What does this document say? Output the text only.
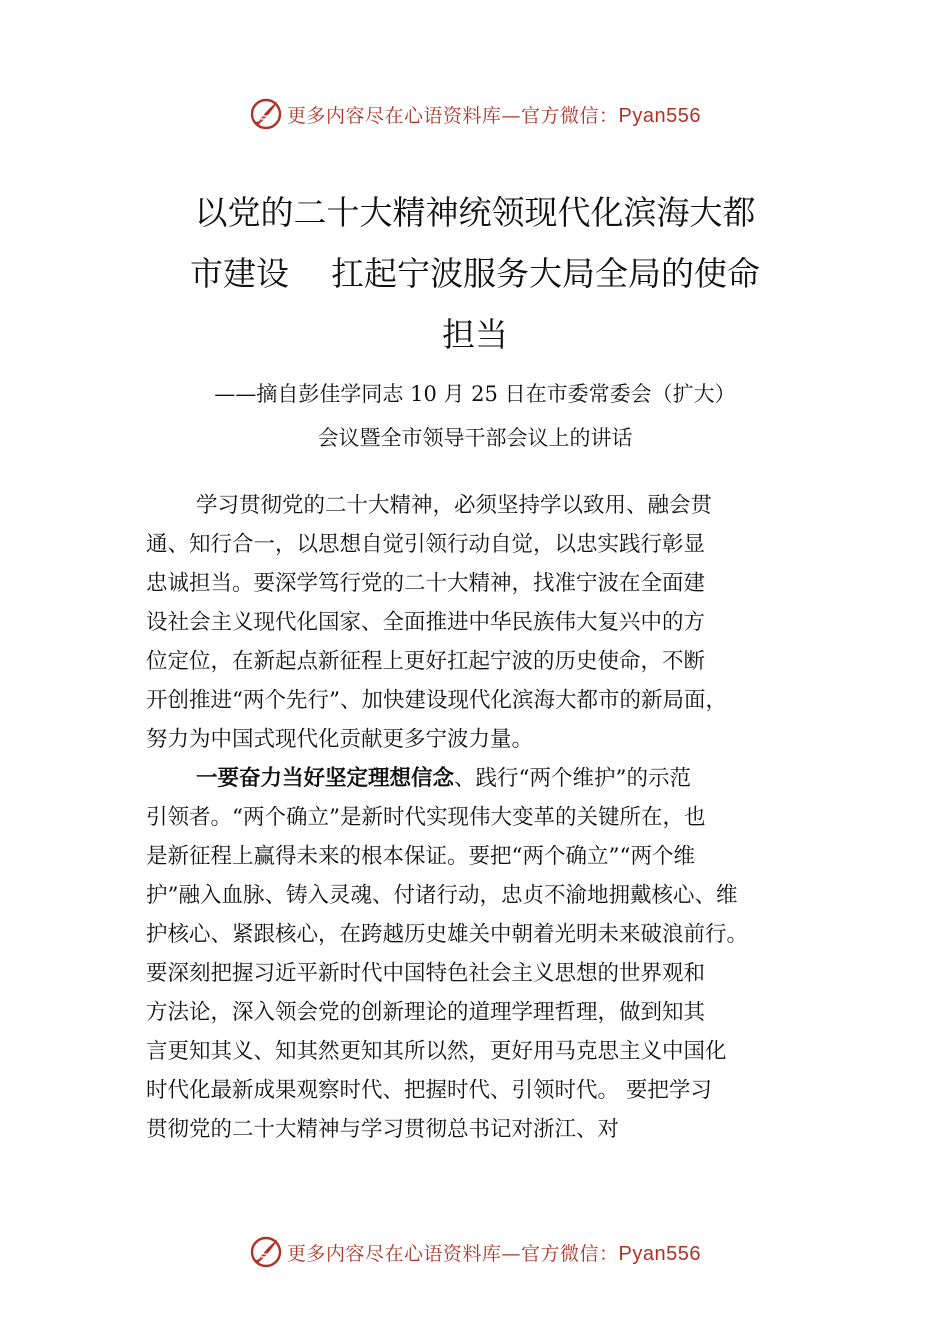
更多内容尽在心语资料库—官方微信：Pyan556
以党的二十大精神统领现代化滨海大都
市建设 扛起宁波服务大局全局的使命
担当
——摘自彭佳学同志 10 月 25 日在市委常委会（扩大）
会议暨全市领导干部会议上的讲话
学习贯彻党的二十大精神，必须坚持学以致用、融会贯
通、知行合一，以思想自觉引领行动自觉，以忠实践行彰显
忠诚担当。要深学笃行党的二十大精神，找准宁波在全面建
设社会主义现代化国家、全面推进中华民族伟大复兴中的方
位定位，在新起点新征程上更好扛起宁波的历史使命，不断
开创推进“两个先行”、加快建设现代化滨海大都市的新局面，
努力为中国式现代化贡献更多宁波力量。
一要奋力当好坚定理想信念、践行“两个维护”的示范
引领者。“两个确立”是新时代实现伟大变革的关键所在，也
是新征程上赢得未来的根本保证。要把“两个确立”“两个维
护”融入血脉、铸入灵魂、付诸行动，忠贞不渝地拥戴核心、维
护核心、紧跟核心，在跨越历史雄关中朝着光明未来破浪前行。
要深刻把握习近平新时代中国特色社会主义思想的世界观和
方法论，深入领会党的创新理论的道理学理哲理，做到知其
言更知其义、知其然更知其所以然，更好用马克思主义中国化
时代化最新成果观察时代、把握时代、引领时代。 要把学习
贯彻党的二十大精神与学习贯彻总书记对浙江、对
更多内容尽在心语资料库—官方微信：Pyan556
